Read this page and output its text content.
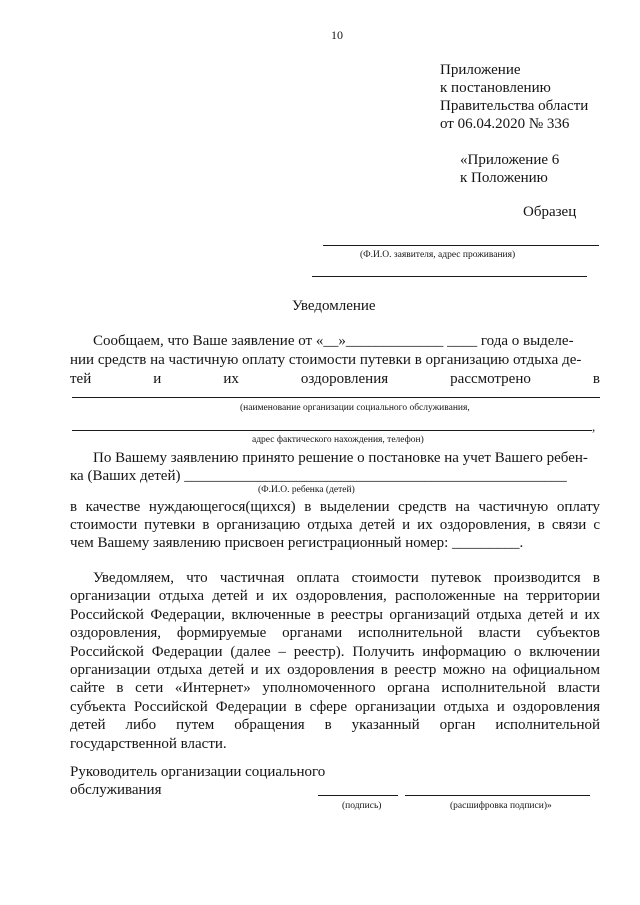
10
Приложение
к постановлению
Правительства области
от 06.04.2020 № 336
«Приложение 6
к Положению
Образец
(Ф.И.О. заявителя, адрес проживания)
Уведомление
Сообщаем, что Ваше заявление от «__»_____________ ____ года о выделе-
нии средств на частичную оплату стоимости путевки в организацию отдыха де-
тей	и	их	оздоровления	рассмотрено	в
(наименование организации социального обслуживания,
,
адрес фактического нахождения, телефон)
По Вашему заявлению принято решение о постановке на учет Вашего ребен-
ка (Ваших детей) ___________________________________________________
(Ф.И.О. ребенка (детей)
в качестве нуждающегося(щихся) в выделении средств на частичную оплату
стоимости путевки в организацию отдыха детей и их оздоровления, в связи с
чем Вашему заявлению присвоен регистрационный номер: _________.
Уведомляем, что частичная оплата стоимости путевок производится в
организации отдыха детей и их оздоровления, расположенные на территории Российской Федерации, включенные в реестры организаций отдыха детей и их оздоровления, формируемые органами исполнительной власти субъектов Российской Федерации (далее – реестр). Получить информацию о включении организации отдыха детей и их оздоровления в реестр можно на официальном сайте в сети «Интернет» уполномоченного органа исполнительной власти субъекта Российской Федерации в сфере организации отдыха и оздоровления детей либо путем обращения в указанный орган исполнительной
государственной власти.
Руководитель организации социального
обслуживания
(подпись)	(расшифровка подписи)»
